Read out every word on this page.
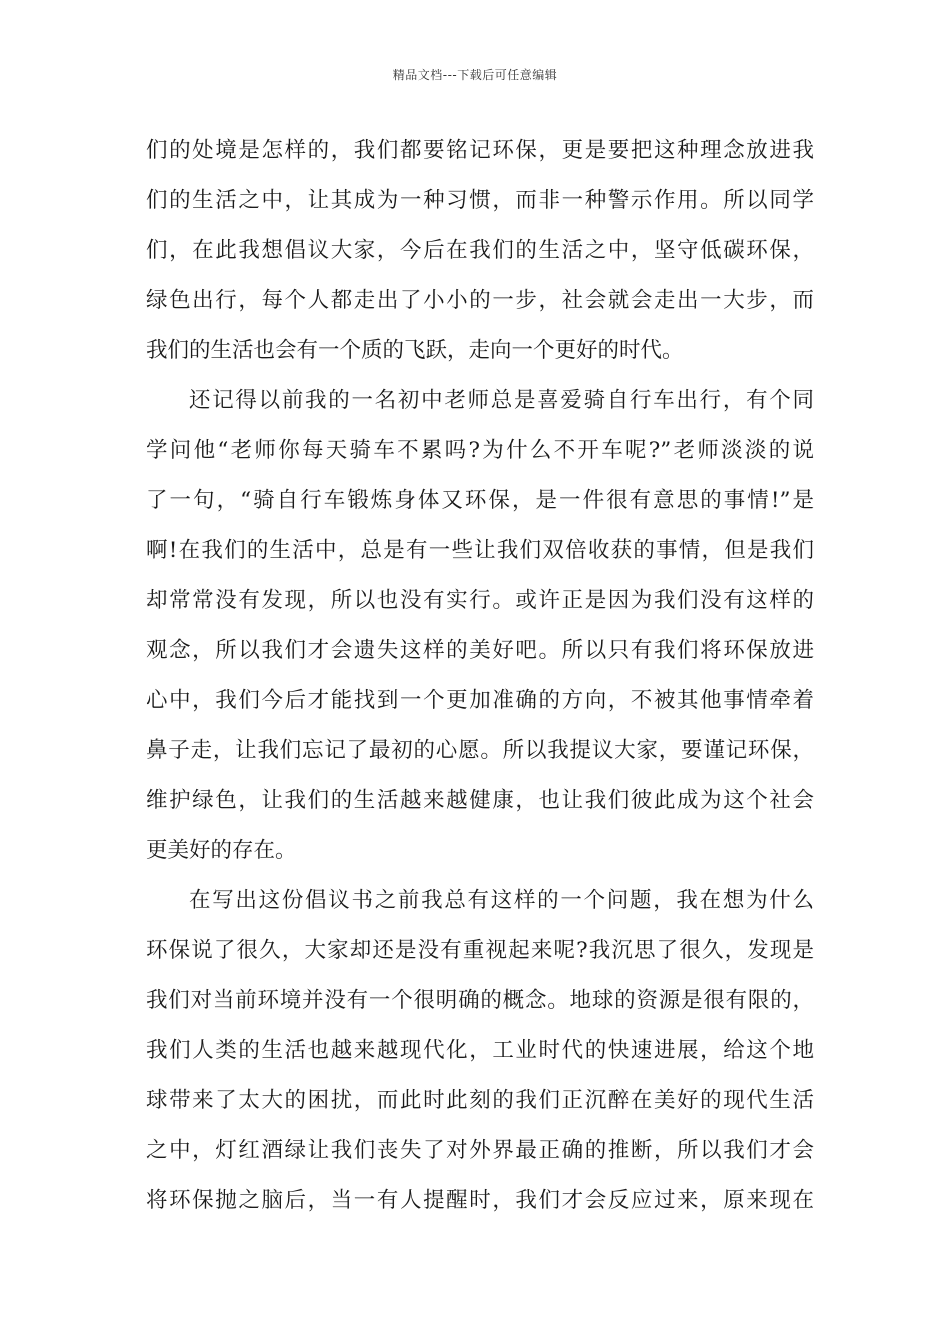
精品文档---下载后可任意编辑
们的处境是怎样的，我们都要铭记环保，更是要把这种理念放进我
们的生活之中，让其成为一种习惯，而非一种警示作用。所以同学
们，在此我想倡议大家，今后在我们的生活之中，坚守低碳环保，
绿色出行，每个人都走出了小小的一步，社会就会走出一大步，而
我们的生活也会有一个质的飞跃，走向一个更好的时代。
还记得以前我的一名初中老师总是喜爱骑自行车出行，有个同
学问他“老师你每天骑车不累吗?为什么不开车呢?”老师淡淡的说
了一句，“骑自行车锻炼身体又环保，是一件很有意思的事情!”是
啊!在我们的生活中，总是有一些让我们双倍收获的事情，但是我们
却常常没有发现，所以也没有实行。或许正是因为我们没有这样的
观念，所以我们才会遗失这样的美好吧。所以只有我们将环保放进
心中，我们今后才能找到一个更加准确的方向，不被其他事情牵着
鼻子走，让我们忘记了最初的心愿。所以我提议大家，要谨记环保，
维护绿色，让我们的生活越来越健康，也让我们彼此成为这个社会
更美好的存在。
在写出这份倡议书之前我总有这样的一个问题，我在想为什么
环保说了很久，大家却还是没有重视起来呢?我沉思了很久，发现是
我们对当前环境并没有一个很明确的概念。地球的资源是很有限的，
我们人类的生活也越来越现代化，工业时代的快速进展，给这个地
球带来了太大的困扰，而此时此刻的我们正沉醉在美好的现代生活
之中，灯红酒绿让我们丧失了对外界最正确的推断，所以我们才会
将环保抛之脑后，当一有人提醒时，我们才会反应过来，原来现在
